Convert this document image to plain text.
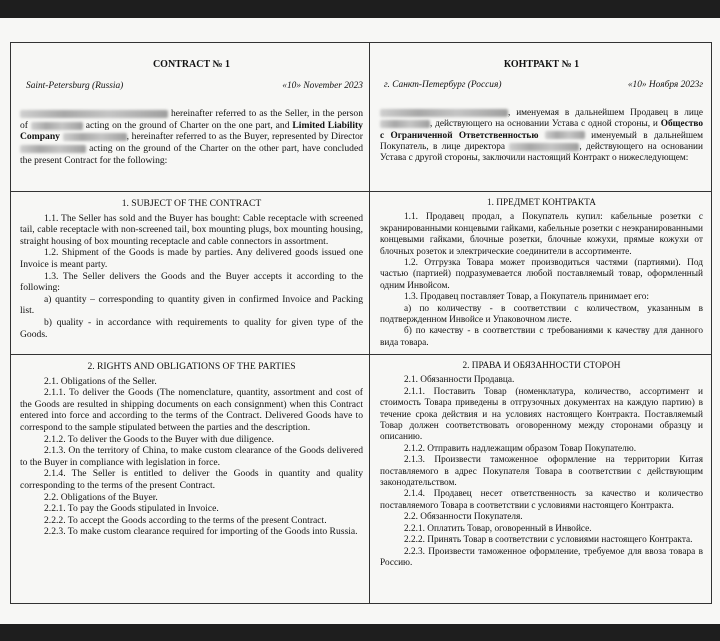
CONTRACT № 1
Saint-Petersburg (Russia)	«10» November 2023

hereinafter referred to as the Seller, in the person of	acting on the ground of Charter on the one part, and Limited Liability Company	, hereinafter referred to as the Buyer, represented by Director  acting on the ground of the Charter on the other part, have concluded the present Contract for the following:

КОНТРАКТ № 1
г. Санкт-Петербург (Россия)	«10» Ноября 2023г

, именуемая в дальнейшем Продавец в лице , действующего на основании Устава с одной стороны, и Общество с Ограниченной Ответственностью	именуемый в дальнейшем Покупатель, в лице директора	, действующего на основании Устава с другой стороны, заключили настоящий Контракт о нижеследующем:

1. SUBJECT OF THE CONTRACT

1.1. The Seller has sold and the Buyer has bought: Cable receptacle with screened tail, cable receptacle with non-screened tail, box mounting plugs, box mounting housing, straight housing of box mounting receptacle and cable connectors in assortment.

1.2. Shipment of the Goods is made by parties. Any delivered goods issued one Invoice is meant party.

1.3. The Seller delivers the Goods and the Buyer accepts it according to the following:

a) quantity – corresponding to quantity given in confirmed Invoice and Packing list.

b) quality - in accordance with requirements to quality for given type of the Goods.

1. ПРЕДМЕТ КОНТРАКТА

1.1. Продавец продал, а Покупатель купил: кабельные розетки с экранированными концевыми гайками, кабельные розетки с неэкранированными концевыми гайками, блочные розетки, блочные кожухи, прямые кожухи от блочных розеток и электрические соединители в ассортименте.

1.2. Отгрузка Товара может производиться частями (партиями). Под частью (партией) подразумевается любой поставляемый товар, оформленный одним Инвойсом.

1.3. Продавец поставляет Товар, а Покупатель принимает его:

а) по количеству - в соответствии с количеством, указанным в подтвержденном Инвойсе и Упаковочном листе.

б) по качеству - в соответствии с требованиями к качеству для данного вида товара.

2. RIGHTS AND OBLIGATIONS OF THE PARTIES

2.1. Obligations of the Seller.

2.1.1. To deliver the Goods (The nomenclature, quantity, assortment and cost of the Goods are resulted in shipping documents on each consignment) when this Contract entered into force and according to the terms of the Contract. Delivered Goods have to correspond to the sample stipulated between the parties and the description.

2.1.2. To deliver the Goods to the Buyer with due diligence.

2.1.3. On the territory of China, to make custom clearance of the Goods delivered to the Buyer in compliance with legislation in force.

2.1.4. The Seller is entitled to deliver the Goods in quantity and quality corresponding to the terms of the present Contract.

2.2. Obligations of the Buyer.

2.2.1. To pay the Goods stipulated in Invoice.

2.2.2. To accept the Goods according to the terms of the present Contract.

2.2.3. To make custom clearance required for importing of the Goods into Russia.

2. ПРАВА И ОБЯЗАННОСТИ СТОРОН

2.1. Обязанности Продавца.

2.1.1. Поставить Товар (номенклатура, количество, ассортимент и стоимость Товара приведены в отгрузочных документах на каждую партию) в течение срока действия и на условиях настоящего Контракта. Поставляемый Товар должен соответствовать оговоренному между сторонами образцу и описанию.

2.1.2. Отправить надлежащим образом Товар Покупателю.

2.1.3. Произвести таможенное оформление на территории Китая поставляемого в адрес Покупателя Товара в соответствии с действующим законодательством.

2.1.4. Продавец несет ответственность за качество и количество поставляемого Товара в соответствии с условиями настоящего Контракта.

2.2. Обязанности Покупателя.

2.2.1. Оплатить Товар, оговоренный в Инвойсе.

2.2.2. Принять Товар в соответствии с условиями настоящего Контракта.

2.2.3. Произвести таможенное оформление, требуемое для ввоза товара в Россию.
